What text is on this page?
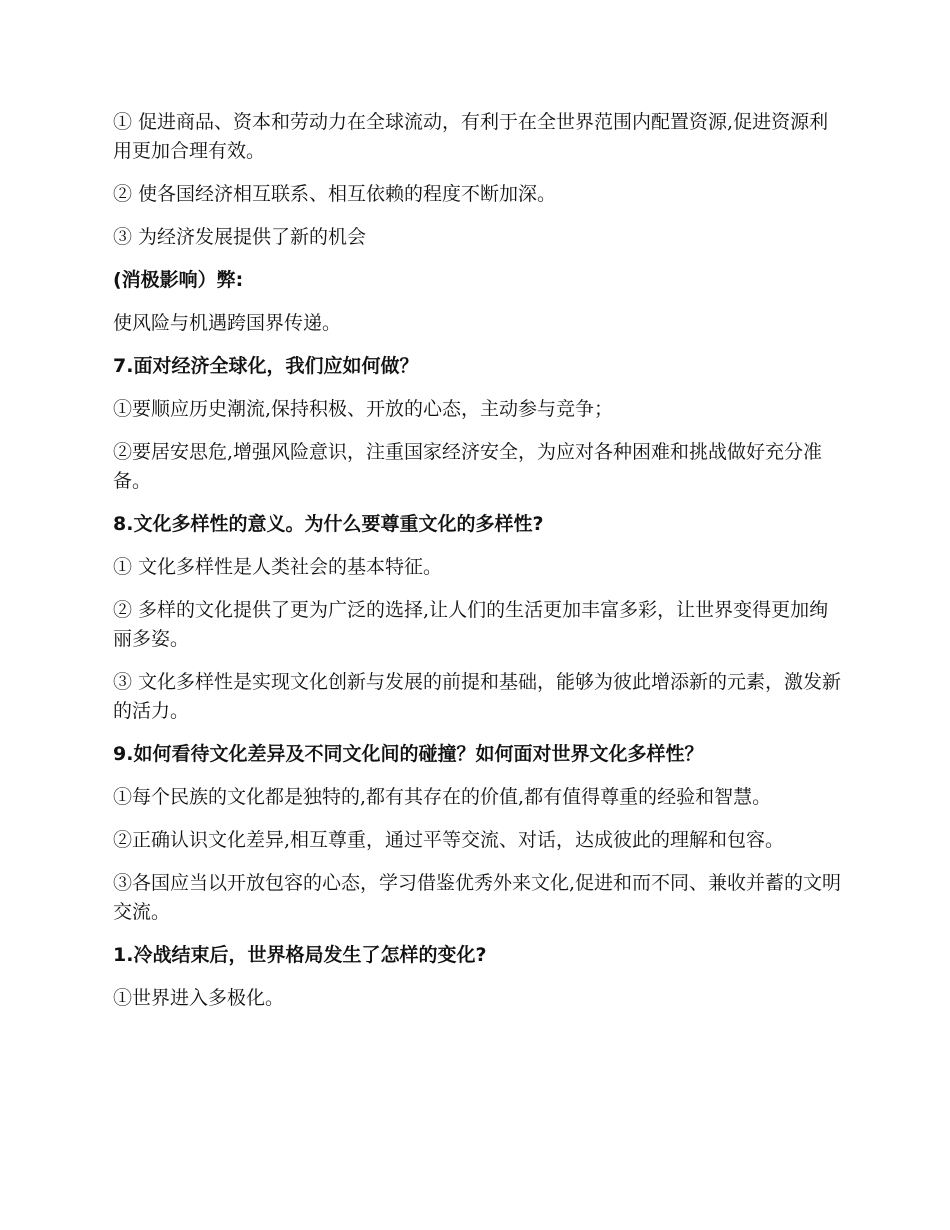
① 促进商品、资本和劳动力在全球流动，有利于在全世界范围内配置资源,促进资源利用更加合理有效。

② 使各国经济相互联系、相互依赖的程度不断加深。

③ 为经济发展提供了新的机会

(消极影响）弊:

使风险与机遇跨国界传递。

7.面对经济全球化，我们应如何做？

①要顺应历史潮流,保持积极、开放的心态，主动参与竞争；

②要居安思危,增强风险意识，注重国家经济安全，为应对各种困难和挑战做好充分准备。

8.文化多样性的意义。为什么要尊重文化的多样性?

① 文化多样性是人类社会的基本特征。

② 多样的文化提供了更为广泛的选择,让人们的生活更加丰富多彩，让世界变得更加绚丽多姿。

③ 文化多样性是实现文化创新与发展的前提和基础，能够为彼此增添新的元素，激发新的活力。

9.如何看待文化差异及不同文化间的碰撞？如何面对世界文化多样性？

①每个民族的文化都是独特的,都有其存在的价值,都有值得尊重的经验和智慧。

②正确认识文化差异,相互尊重，通过平等交流、对话，达成彼此的理解和包容。

③各国应当以开放包容的心态，学习借鉴优秀外来文化,促进和而不同、兼收并蓄的文明交流。

1.冷战结束后，世界格局发生了怎样的变化?

①世界进入多极化。
